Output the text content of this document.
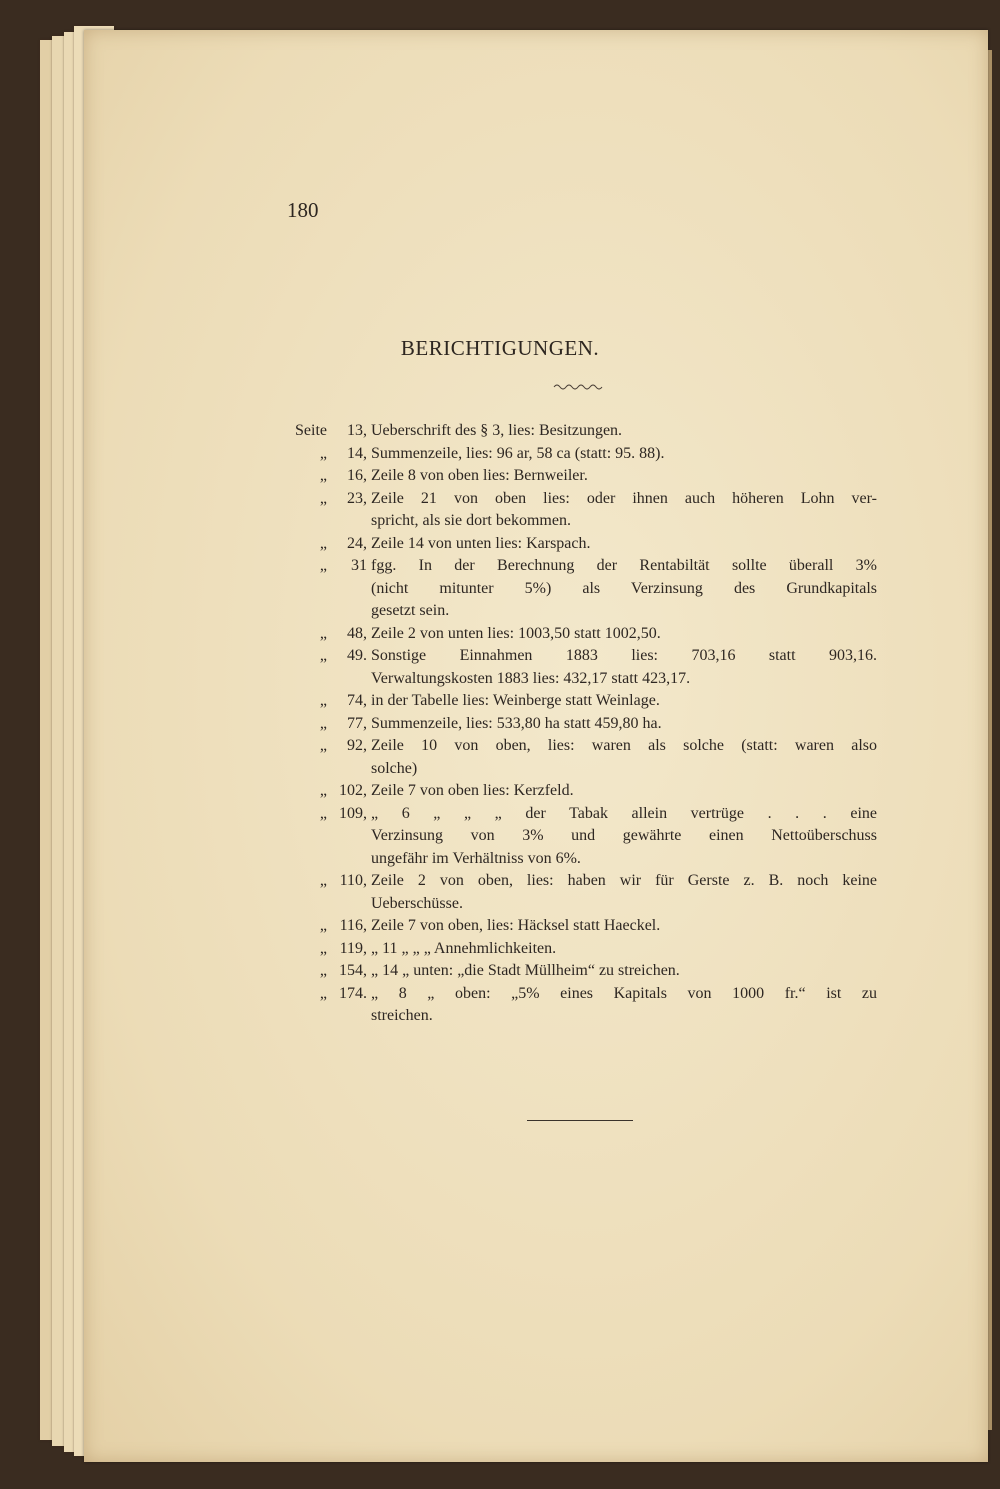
180
BERICHTIGUNGEN.
Seite	13, Ueberschrift des § 3, lies: Besitzungen.
„	14, Summenzeile, lies: 96 ar, 58 ca (statt: 95. 88).
„	16, Zeile 8 von oben lies: Bernweiler.
„	23, Zeile 21 von oben lies: oder ihnen auch höheren Lohn ver-
spricht, als sie dort bekommen.
„	24, Zeile 14 von unten lies: Karspach.
„	31 fgg. In der Berechnung der Rentabiltät sollte überall 3%
(nicht mitunter 5%) als Verzinsung des Grundkapitals
gesetzt sein.
„	48, Zeile 2 von unten lies: 1003,50 statt 1002,50.
„	49. Sonstige Einnahmen 1883 lies: 703,16 statt 903,16.
Verwaltungskosten 1883 lies: 432,17 statt 423,17.
„	74, in der Tabelle lies: Weinberge statt Weinlage.
„	77, Summenzeile, lies: 533,80 ha statt 459,80 ha.
„	92, Zeile 10 von oben, lies: waren als solche (statt: waren also
solche)
„ 102, Zeile 7 von oben lies: Kerzfeld.
„ 109, „ 6 „ „ „ der Tabak allein vertrüge . . . eine
Verzinsung von 3% und gewährte einen Nettoüberschuss
ungefähr im Verhältniss von 6%.
„ 110, Zeile 2 von oben, lies: haben wir für Gerste z. B. noch keine
Ueberschüsse.
„ 116, Zeile 7 von oben, lies: Häcksel statt Haeckel.
„ 119, „ 11 „ „ „ Annehmlichkeiten.
„ 154, „ 14 „ unten: „die Stadt Müllheim“ zu streichen.
„ 174. „ 8 „ oben: „5% eines Kapitals von 1000 fr.“ ist zu
streichen.
